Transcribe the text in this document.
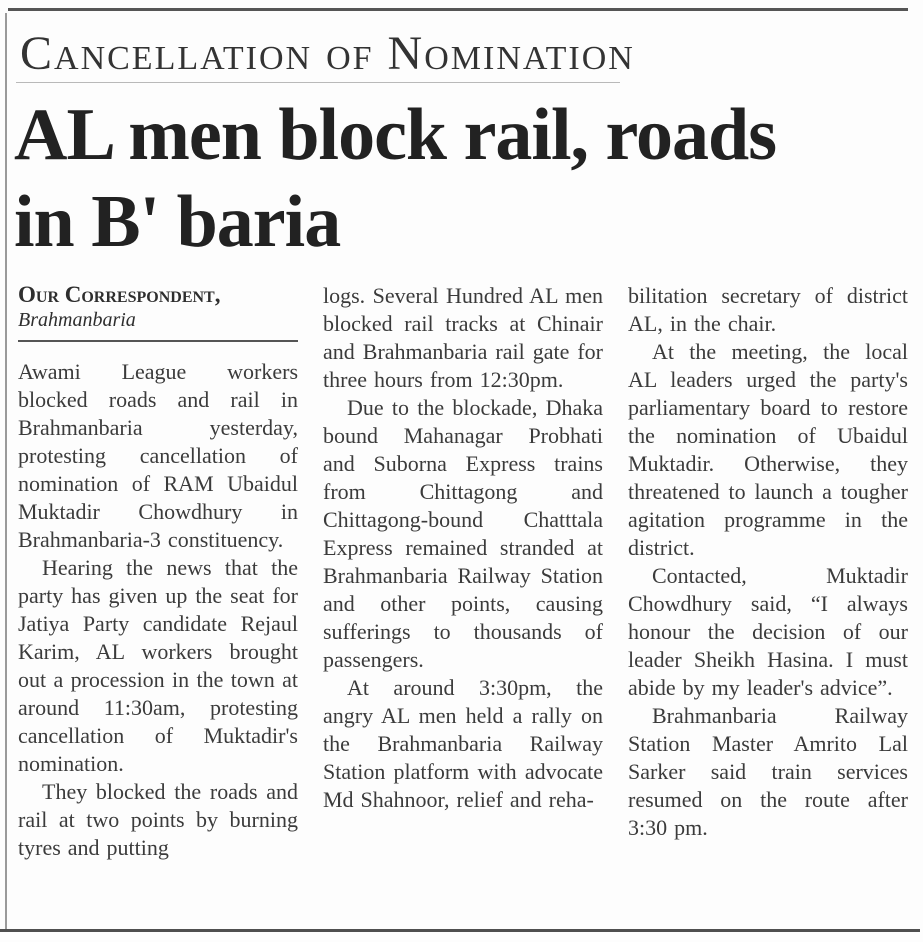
Cancellation of Nomination
AL men block rail, roads
in B' baria
Our Correspondent,
Brahmanbaria

Awami League workers blocked roads and rail in Brahmanbaria yesterday, protesting cancellation of nomination of RAM Ubaidul Muktadir Chowdhury in Brahmanbaria-3 constituency.

Hearing the news that the party has given up the seat for Jatiya Party candidate Rejaul Karim, AL workers brought out a procession in the town at around 11:30am, protesting cancellation of Muktadir's nomination.

They blocked the roads and rail at two points by burning tyres and putting

logs. Several Hundred AL men blocked rail tracks at Chinair and Brahmanbaria rail gate for three hours from 12:30pm.

Due to the blockade, Dhaka bound Mahanagar Probhati and Suborna Express trains from Chittagong and Chittagong-bound Chatttala Express remained stranded at Brahmanbaria Railway Station and other points, causing sufferings to thousands of passengers.

At around 3:30pm, the angry AL men held a rally on the Brahmanbaria Railway Station platform with advocate Md Shahnoor, relief and reha-

bilitation secretary of district AL, in the chair.

At the meeting, the local AL leaders urged the party's parliamentary board to restore the nomination of Ubaidul Muktadir. Otherwise, they threatened to launch a tougher agitation programme in the district.

Contacted, Muktadir Chowdhury said, “I always honour the decision of our leader Sheikh Hasina. I must abide by my leader's advice”.

Brahmanbaria Railway Station Master Amrito Lal Sarker said train services resumed on the route after 3:30 pm.
